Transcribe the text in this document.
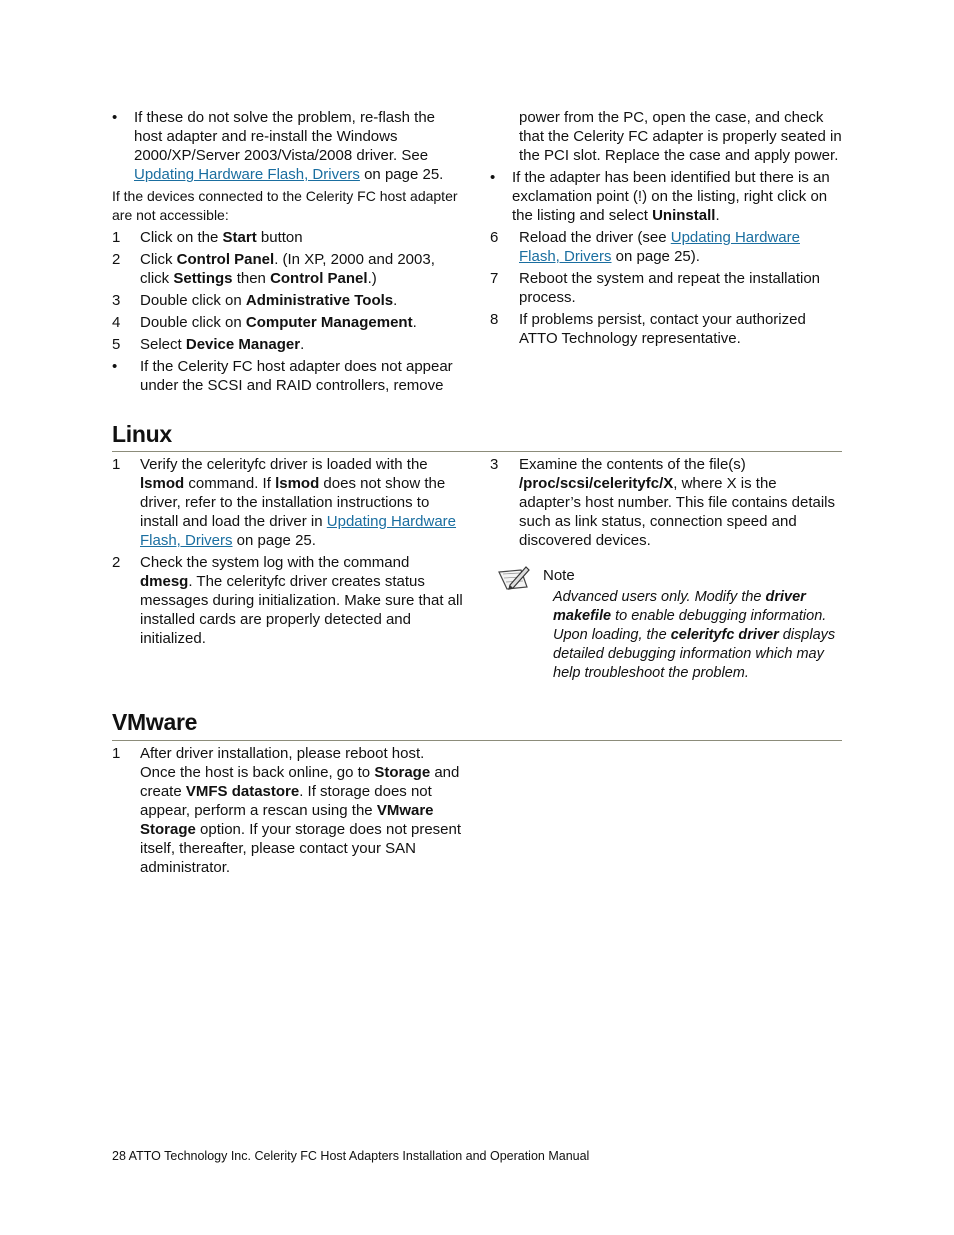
• If these do not solve the problem, re-flash the host adapter and re-install the Windows 2000/XP/Server 2003/Vista/2008 driver. See Updating Hardware Flash, Drivers on page 25.

If the devices connected to the Celerity FC host adapter are not accessible:

1 Click on the Start button
2 Click Control Panel. (In XP, 2000 and 2003, click Settings then Control Panel.)
3 Double click on Administrative Tools.
4 Double click on Computer Management.
5 Select Device Manager.
• If the Celerity FC host adapter does not appear under the SCSI and RAID controllers, remove
power from the PC, open the case, and check that the Celerity FC adapter is properly seated in the PCI slot. Replace the case and apply power.
• If the adapter has been identified but there is an exclamation point (!) on the listing, right click on the listing and select Uninstall.
6 Reload the driver (see Updating Hardware Flash, Drivers on page 25).
7 Reboot the system and repeat the installation process.
8 If problems persist, contact your authorized ATTO Technology representative.
Linux
1 Verify the celerityfc driver is loaded with the lsmod command. If lsmod does not show the driver, refer to the installation instructions to install and load the driver in Updating Hardware Flash, Drivers on page 25.
2 Check the system log with the command dmesg. The celerityfc driver creates status messages during initialization. Make sure that all installed cards are properly detected and initialized.
3 Examine the contents of the file(s) /proc/scsi/celerityfc/X, where X is the adapter’s host number. This file contains details such as link status, connection speed and discovered devices.
Note
Advanced users only. Modify the driver makefile to enable debugging information. Upon loading, the celerityfc driver displays detailed debugging information which may help troubleshoot the problem.
VMware
1 After driver installation, please reboot host. Once the host is back online, go to Storage and create VMFS datastore. If storage does not appear, perform a rescan using the VMware Storage option. If your storage does not present itself, thereafter, please contact your SAN administrator.
28 ATTO Technology Inc. Celerity FC Host Adapters Installation and Operation Manual
